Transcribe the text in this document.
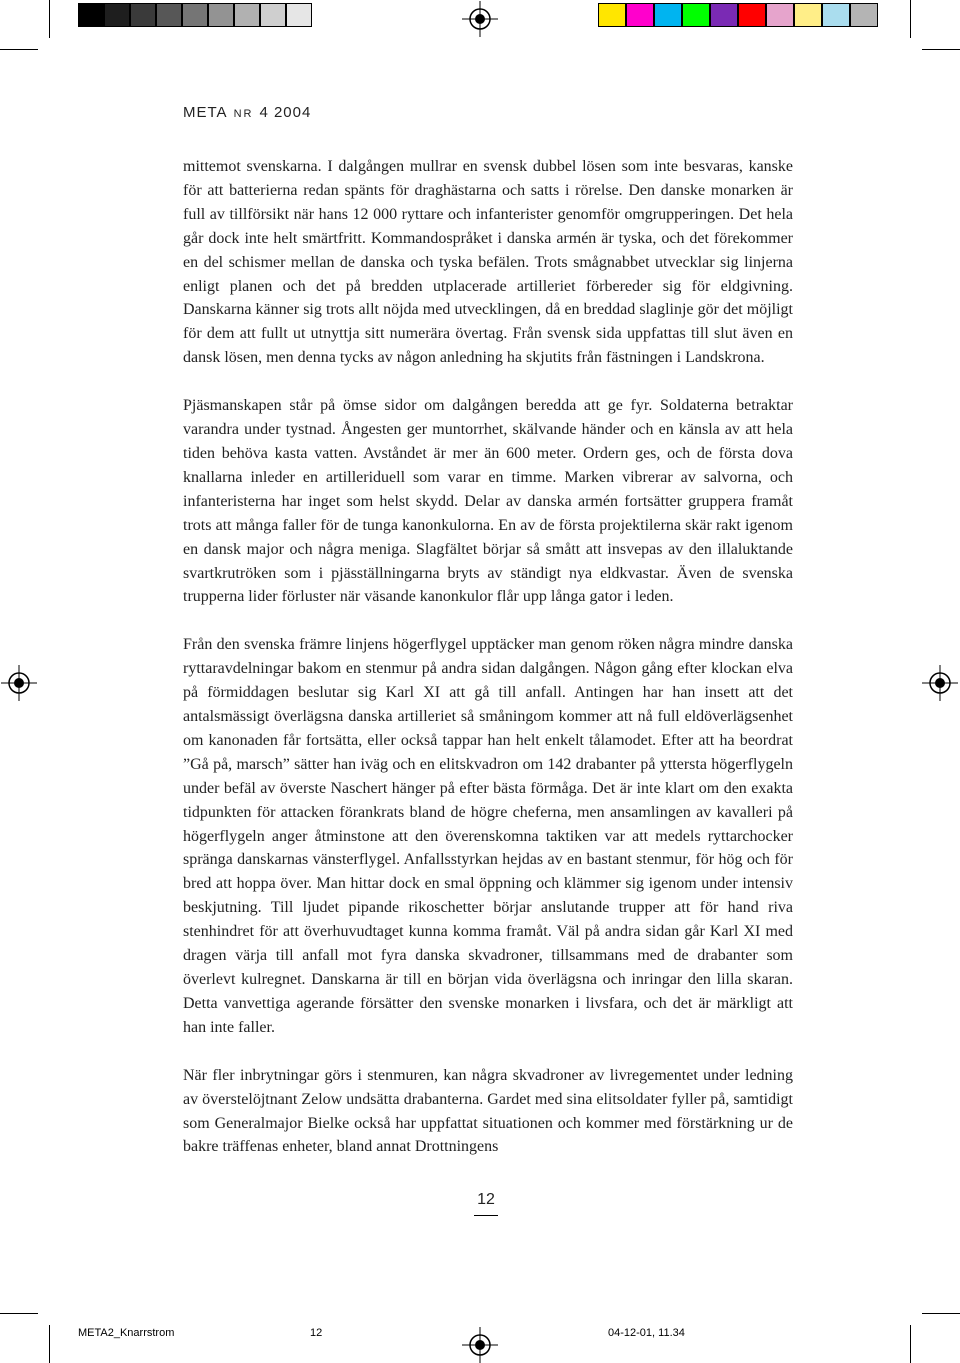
META NR 4 2004

mittemot svenskarna. I dalgången mullrar en svensk dubbel lösen som inte besvaras, kanske för att batterierna redan spänts för draghästarna och satts i rörelse. Den danske monarken är full av tillförsikt när hans 12 000 ryttare och infanterister genomför omgrupperingen. Det hela går dock inte helt smärtfritt. Kommandospråket i danska armén är tyska, och det förekommer en del schismer mellan de danska och tyska befälen. Trots smågnabbet utvecklar sig linjerna enligt planen och det på bredden utplacerade artilleriet förbereder sig för eldgivning. Danskarna känner sig trots allt nöjda med utvecklingen, då en breddad slaglinje gör det möjligt för dem att fullt ut utnyttja sitt numerära övertag. Från svensk sida uppfattas till slut även en dansk lösen, men denna tycks av någon anledning ha skjutits från fästningen i Landskrona.

Pjäsmanskapen står på ömse sidor om dalgången beredda att ge fyr. Soldaterna betraktar varandra under tystnad. Ångesten ger muntorrhet, skälvande händer och en känsla av att hela tiden behöva kasta vatten. Avståndet är mer än 600 meter. Ordern ges, och de första dova knallarna inleder en artilleriduell som varar en timme. Marken vibrerar av salvorna, och infanteristerna har inget som helst skydd. Delar av danska armén fortsätter gruppera framåt trots att många faller för de tunga kanonkulorna. En av de första projektilerna skär rakt igenom en dansk major och några meniga. Slagfältet börjar så smått att insvepas av den illaluktande svartkrutröken som i pjäsställningarna bryts av ständigt nya eldkvastar. Även de svenska trupperna lider förluster när väsande kanonkulor flår upp långa gator i leden.

Från den svenska främre linjens högerflygel upptäcker man genom röken några mindre danska ryttaravdelningar bakom en stenmur på andra sidan dalgången. Någon gång efter klockan elva på förmiddagen beslutar sig Karl XI att gå till anfall. Antingen har han insett att det antalsmässigt överlägsna danska artilleriet så småningom kommer att nå full eldöverlägsenhet om kanonaden får fortsätta, eller också tappar han helt enkelt tålamodet. Efter att ha beordrat ”Gå på, marsch” sätter han iväg och en elitskvadron om 142 drabanter på yttersta högerflygeln under befäl av överste Naschert hänger på efter bästa förmåga. Det är inte klart om den exakta tidpunkten för attacken förankrats bland de högre cheferna, men ansamlingen av kavalleri på högerflygeln anger åtminstone att den överenskomna taktiken var att medels ryttarchocker spränga danskarnas vänsterflygel. Anfallsstyrkan hejdas av en bastant stenmur, för hög och för bred att hoppa över. Man hittar dock en smal öppning och klämmer sig igenom under intensiv beskjutning. Till ljudet pipande rikoschetter börjar anslutande trupper att för hand riva stenhindret för att överhuvudtaget kunna komma framåt. Väl på andra sidan går Karl XI med dragen värja till anfall mot fyra danska skvadroner, tillsammans med de drabanter som överlevt kulregnet. Danskarna är till en början vida överlägsna och inringar den lilla skaran. Detta vanvettiga agerande försätter den svenske monarken i livsfara, och det är märkligt att han inte faller.

När fler inbrytningar görs i stenmuren, kan några skvadroner av livregementet under ledning av överstelöjtnant Zelow undsätta drabanterna. Gardet med sina elitsoldater fyller på, samtidigt som Generalmajor Bielke också har uppfattat situationen och kommer med förstärkning ur de bakre träffenas enheter, bland annat Drottningens

12
META2_Knarrstrom	12	04-12-01, 11.34
